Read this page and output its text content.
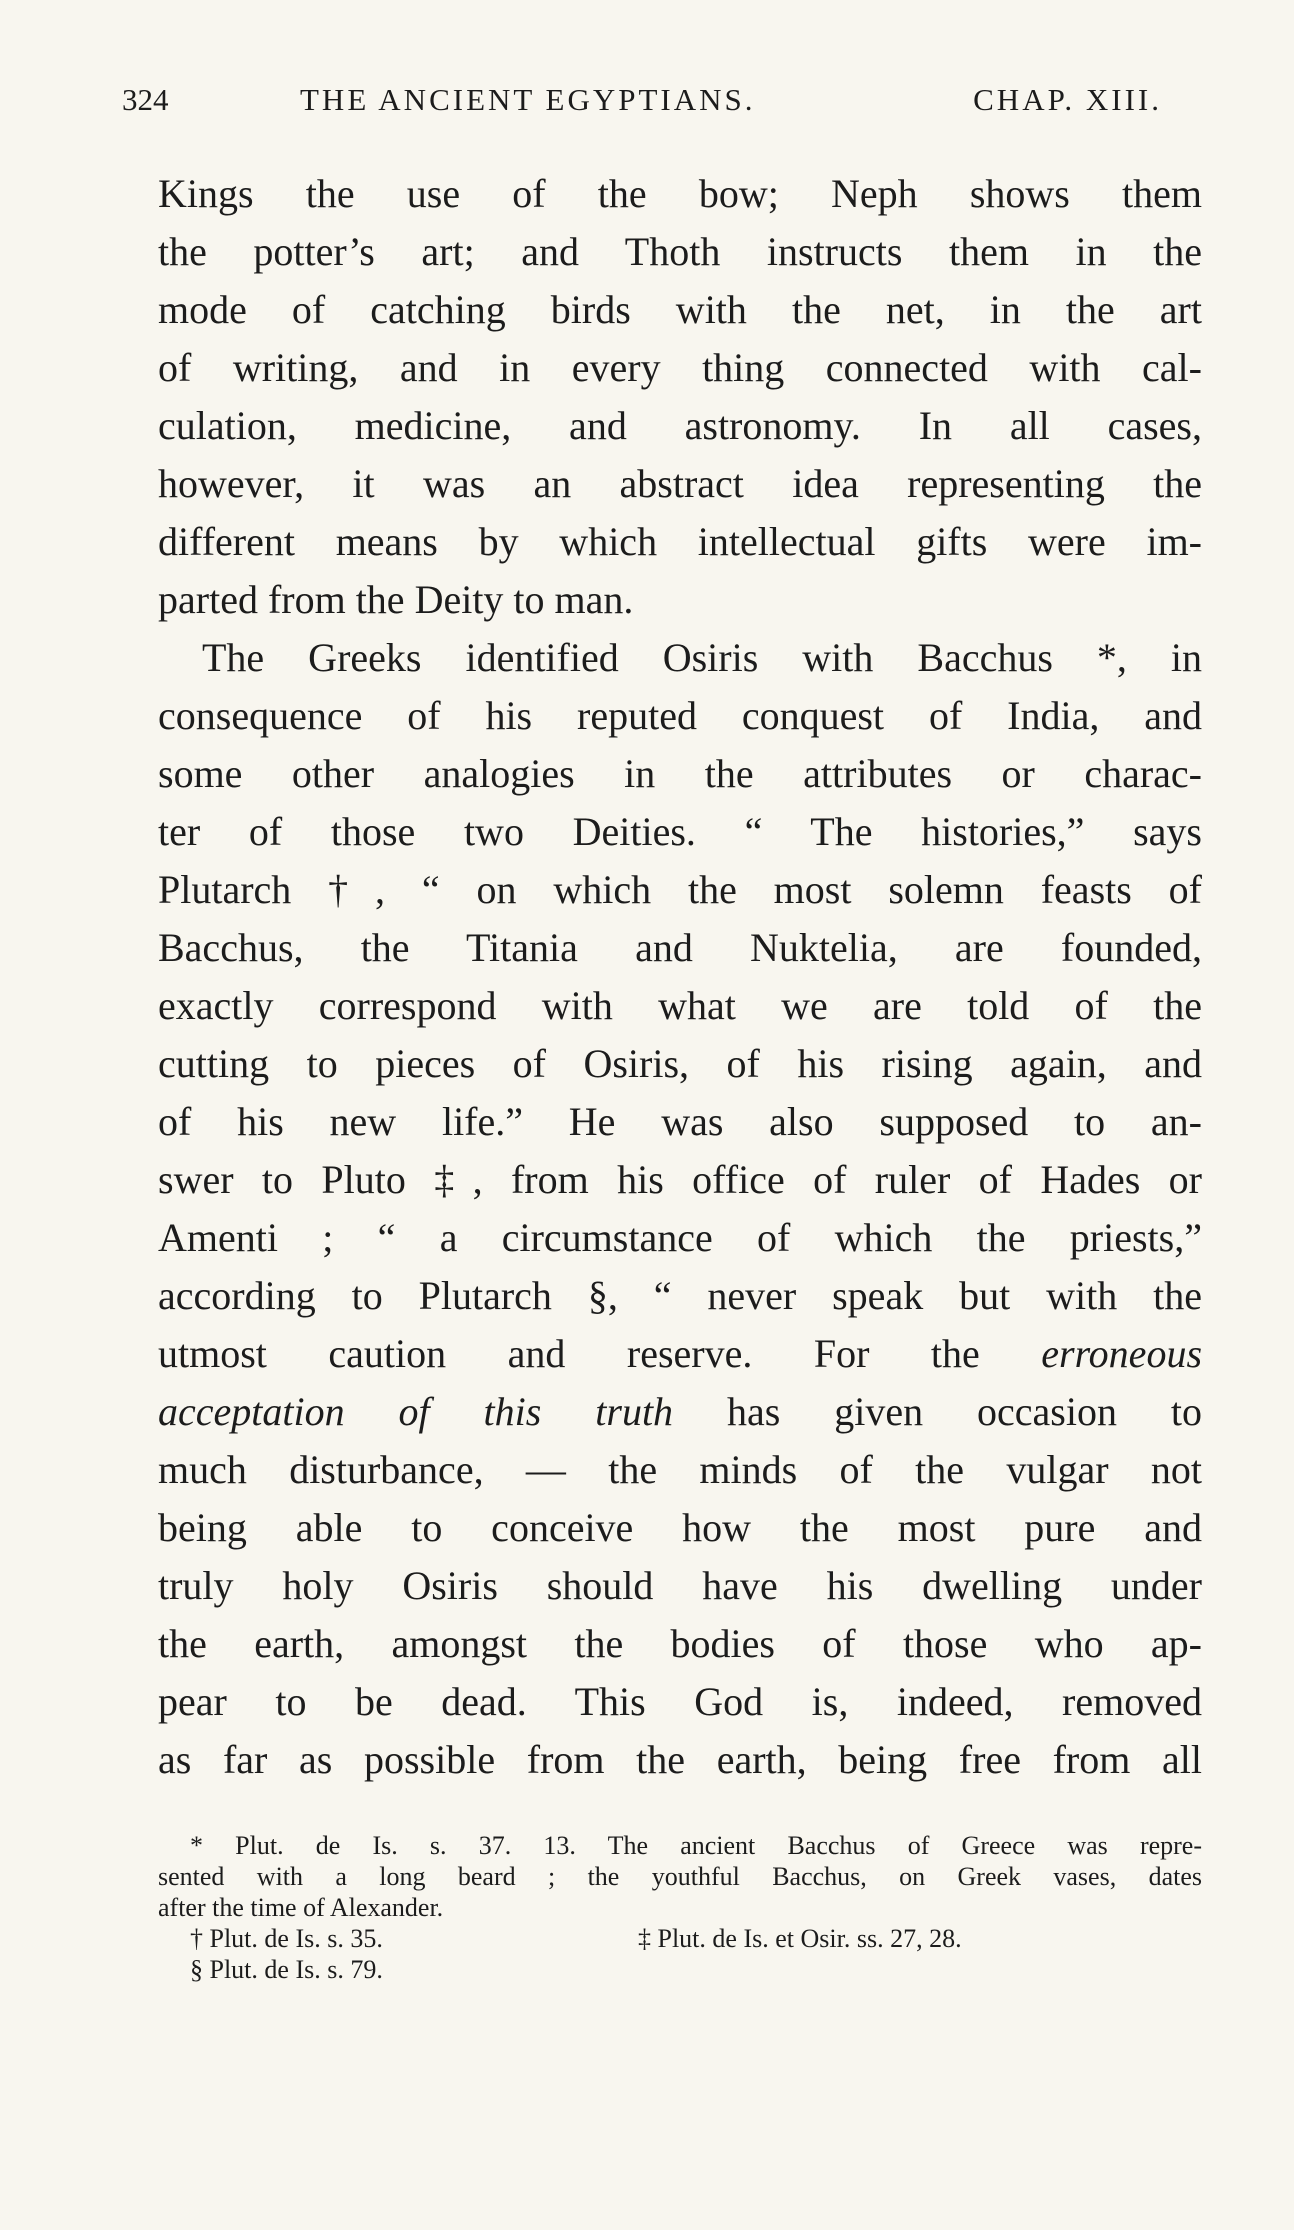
324	THE ANCIENT EGYPTIANS.	CHAP. XIII.
Kings the use of the bow; Neph shows them
the potter’s art; and Thoth instructs them in the
mode of catching birds with the net, in the art
of writing, and in every thing connected with cal-
culation, medicine, and astronomy. In all cases,
however, it was an abstract idea representing the
different means by which intellectual gifts were im-
parted from the Deity to man.
The Greeks identified Osiris with Bacchus *, in
consequence of his reputed conquest of India, and
some other analogies in the attributes or charac-
ter of those two Deities. “ The histories,” says
Plutarch †, “ on which the most solemn feasts of
Bacchus, the Titania and Nuktelia, are founded,
exactly correspond with what we are told of the
cutting to pieces of Osiris, of his rising again, and
of his new life.” He was also supposed to an-
swer to Pluto ‡, from his office of ruler of Hades or
Amenti ; “ a circumstance of which the priests,”
according to Plutarch §, “ never speak but with the
utmost caution and reserve. For the erroneous
acceptation of this truth has given occasion to
much disturbance, — the minds of the vulgar not
being able to conceive how the most pure and
truly holy Osiris should have his dwelling under
the earth, amongst the bodies of those who ap-
pear to be dead. This God is, indeed, removed
as far as possible from the earth, being free from all
* Plut. de Is. s. 37. 13. The ancient Bacchus of Greece was repre-
sented with a long beard ; the youthful Bacchus, on Greek vases, dates
after the time of Alexander.
† Plut. de Is. s. 35.	‡ Plut. de Is. et Osir. ss. 27, 28.
§ Plut. de Is. s. 79.
